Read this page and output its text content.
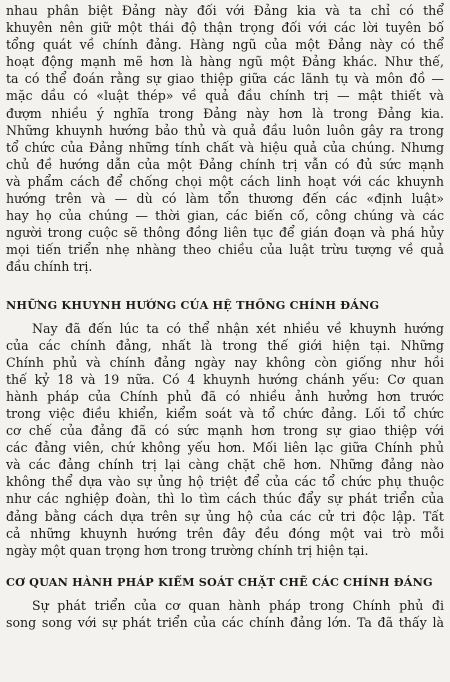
nhau phân biệt Đảng này đối với Đảng kia và ta chỉ có thể
khuyên nên giữ một thái độ thận trọng đối với các lời tuyên bố
tổng quát về chính đảng. Hàng ngũ của một Đảng này có thể
hoạt động mạnh mẽ hơn là hàng ngũ một Đảng khác. Như thế,
ta có thể đoán rằng sự giao thiệp giữa các lãnh tụ và môn đồ —
mặc dầu có «luật thép» về quả đầu chính trị — mật thiết và
đượm nhiều ý nghĩa trong Đảng này hơn là trong Đảng kia.
Những khuynh hướng bảo thủ và quả đầu luôn luôn gây ra trong
tổ chức của Đảng những tính chất và hiệu quả của chúng. Nhưng
chủ đề hướng dẫn của một Đảng chính trị vẫn có đủ sức mạnh
và phẩm cách để chống chọi một cách linh hoạt với các khuynh
hướng trên và — dù có làm tổn thương đến các «định luật»
hay họ của chúng — thời gian, các biến cố, công chúng và các
người trong cuộc sẽ thông đồng liên tục để gián đoạn và phá hủy
mọi tiến triển nhẹ nhàng theo chiều của luật trừu tượng về quả
đầu chính trị.
NHỮNG KHUYNH HƯỚNG CỦA HỆ THỐNG CHÍNH ĐẢNG
Nay đã đến lúc ta có thể nhận xét nhiều về khuynh hướng
của các chính đảng, nhất là trong thế giới hiện tại. Những
Chính phủ và chính đảng ngày nay không còn giống như hồi
thế kỷ 18 và 19 nữa. Có 4 khuynh hướng chánh yếu: Cơ quan
hành pháp của Chính phủ đã có nhiều ảnh hưởng hơn trước
trong việc điều khiển, kiểm soát và tổ chức đảng. Lối tổ chức
cơ chế của đảng đã có sức mạnh hơn trong sự giao thiệp với
các đảng viên, chứ không yếu hơn. Mối liên lạc giữa Chính phủ
và các đảng chính trị lại càng chặt chẽ hơn. Những đảng nào
không thể dựa vào sự ủng hộ triệt để của các tổ chức phụ thuộc
như các nghiệp đoàn, thì lo tìm cách thúc đẩy sự phát triển của
đảng bằng cách dựa trên sự ủng hộ của các cử tri độc lập. Tất
cả những khuynh hướng trên đây đều đóng một vai trò mỗi
ngày một quan trọng hơn trong trường chính trị hiện tại.
CƠ QUAN HÀNH PHÁP KIỂM SOÁT CHẶT CHẼ CÁC CHÍNH ĐẢNG
Sự phát triển của cơ quan hành pháp trong Chính phủ đi
song song với sự phát triển của các chính đảng lớn. Ta đã thấy là
